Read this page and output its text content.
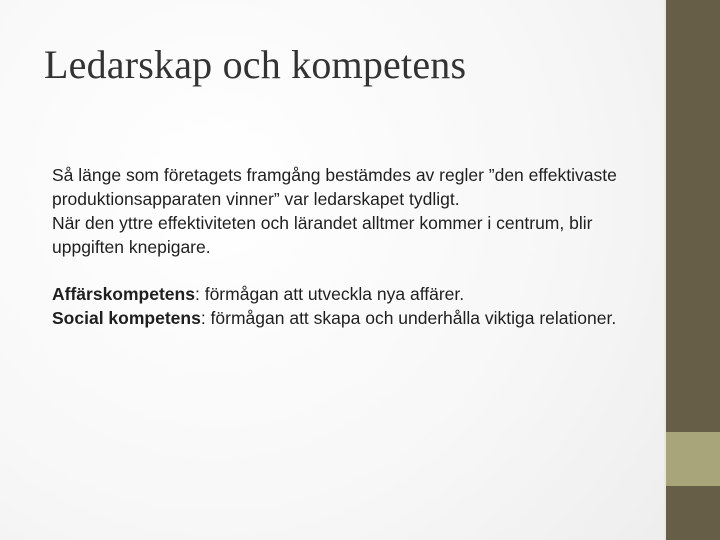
Ledarskap och kompetens

Så länge som företagets framgång bestämdes av regler ”den effektivaste produktionsapparaten vinner” var ledarskapet tydligt.

När den yttre effektiviteten och lärandet alltmer kommer i centrum, blir uppgiften knepigare.

Affärskompetens: förmågan att utveckla nya affärer.

Social kompetens: förmågan att skapa och underhålla viktiga relationer.
